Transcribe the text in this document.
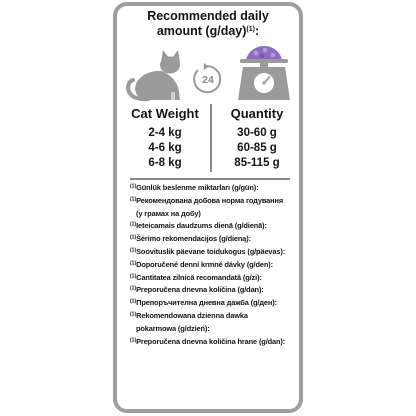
Recommended daily
amount $(g/day)^{(1)}$:
24
Cat Weight	Quantity
2-4 kg	30-60 g
4-6 kg	60-85 g
6-8 kg	85-115 g
$^{(1)}$Günlük beslenme miktarları (g/gün):
$^{(1)}$Рекомендована добова норма годування
(у грамах на добу)
$^{(1)}$Ieteicamais daudzums dienā (g/dienā):
$^{(1)}$Šėrimo rekomendacijos (g/dieną):
$^{(1)}$Soovituslik päevane toidukogus (g/päevas):
$^{(1)}$Doporučené denní krmné dávky (g/den):
$^{(1)}$Cantitatea zilnică recomandată (g/zi):
$^{(1)}$Preporučena dnevna količina (g/dan):
$^{(1)}$Препоръчителна дневна дажба (g/ден):
$^{(1)}$Rekomendowana dzienna dawka
pokarmowa (g/dzień):
$^{(1)}$Preporučena dnevna količina hrane (g/dan):
